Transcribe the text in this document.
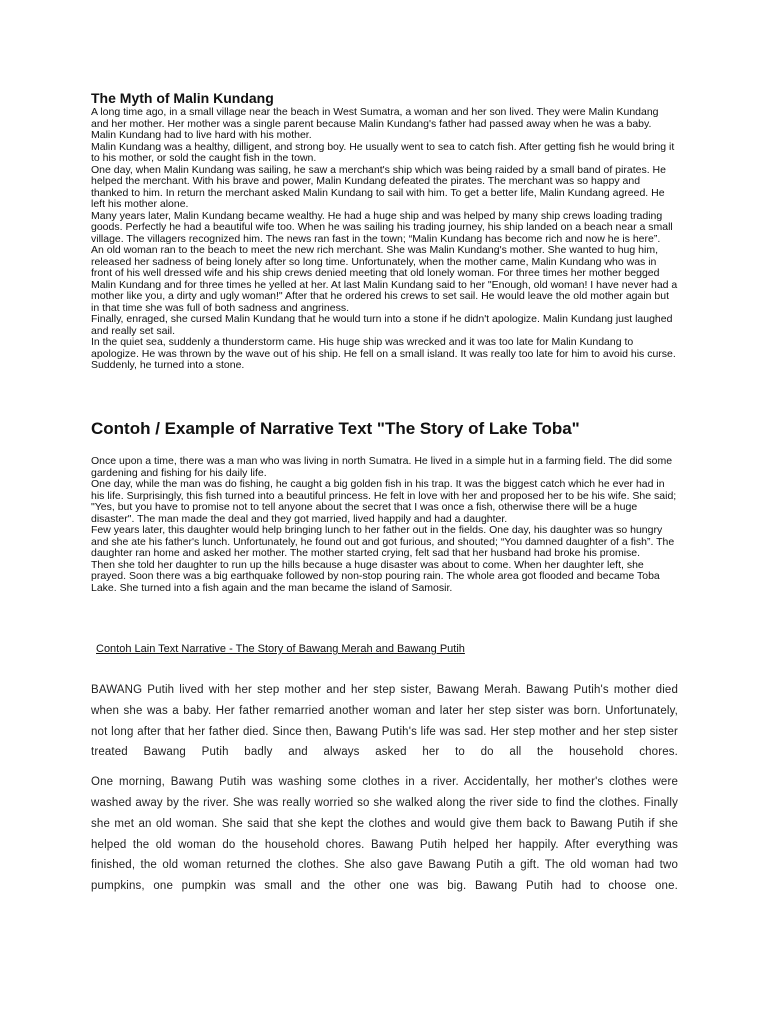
The Myth of Malin Kundang

A long time ago, in a small village near the beach in West Sumatra, a woman and her son lived. They were Malin Kundang and her mother. Her mother was a single parent because Malin Kundang's father had passed away when he was a baby. Malin Kundang had to live hard with his mother.

Malin Kundang was a healthy, dilligent, and strong boy. He usually went to sea to catch fish. After getting fish he would bring it to his mother, or sold the caught fish in the town.

One day, when Malin Kundang was sailing, he saw a merchant's ship which was being raided by a small band of pirates. He helped the merchant. With his brave and power, Malin Kundang defeated the pirates. The merchant was so happy and thanked to him. In return the merchant asked Malin Kundang to sail with him. To get a better life, Malin Kundang agreed. He left his mother alone.

Many years later, Malin Kundang became wealthy. He had a huge ship and was helped by many ship crews loading trading goods. Perfectly he had a beautiful wife too. When he was sailing his trading journey, his ship landed on a beach near a small village. The villagers recognized him. The news ran fast in the town; “Malin Kundang has become rich and now he is here”.

An old woman ran to the beach to meet the new rich merchant. She was Malin Kundang's mother. She wanted to hug him, released her sadness of being lonely after so long time. Unfortunately, when the mother came, Malin Kundang who was in front of his well dressed wife and his ship crews denied meeting that old lonely woman. For three times her mother begged Malin Kundang and for three times he yelled at her. At last Malin Kundang said to her "Enough, old woman! I have never had a mother like you, a dirty and ugly woman!" After that he ordered his crews to set sail. He would leave the old mother again but in that time she was full of both sadness and angriness.

Finally, enraged, she cursed Malin Kundang that he would turn into a stone if he didn't apologize. Malin Kundang just laughed and really set sail.

In the quiet sea, suddenly a thunderstorm came. His huge ship was wrecked and it was too late for Malin Kundang to apologize. He was thrown by the wave out of his ship. He fell on a small island. It was really too late for him to avoid his curse. Suddenly, he turned into a stone.

Contoh / Example of Narrative Text "The Story of Lake Toba"

Once upon a time, there was a man who was living in north Sumatra. He lived in a simple hut in a farming field. The did some gardening and fishing for his daily life.

One day, while the man was do fishing, he caught a big golden fish in his trap. It was the biggest catch which he ever had in his life. Surprisingly, this fish turned into a beautiful princess. He felt in love with her and proposed her to be his wife. She said; "Yes, but you have to promise not to tell anyone about the secret that I was once a fish, otherwise there will be a huge disaster". The man made the deal and they got married, lived happily and had a daughter.

Few years later, this daughter would help bringing lunch to her father out in the fields. One day, his daughter was so hungry and she ate his father's lunch. Unfortunately, he found out and got furious, and shouted; “You damned daughter of a fish”. The daughter ran home and asked her mother. The mother started crying, felt sad that her husband had broke his promise.

Then she told her daughter to run up the hills because a huge disaster was about to come. When her daughter left, she prayed. Soon there was a big earthquake followed by non-stop pouring rain. The whole area got flooded and became Toba Lake. She turned into a fish again and the man became the island of Samosir.

Contoh Lain Text Narrative - The Story of Bawang Merah and Bawang Putih

BAWANG Putih lived with her step mother and her step sister, Bawang Merah. Bawang Putih's mother died when she was a baby. Her father remarried another woman and later her step sister was born. Unfortunately, not long after that her father died. Since then, Bawang Putih's life was sad. Her step mother and her step sister treated Bawang Putih badly and always asked her to do all the household chores.

One morning, Bawang Putih was washing some clothes in a river. Accidentally, her mother's clothes were washed away by the river. She was really worried so she walked along the river side to find the clothes. Finally she met an old woman. She said that she kept the clothes and would give them back to Bawang Putih if she helped the old woman do the household chores. Bawang Putih helped her happily. After everything was finished, the old woman returned the clothes. She also gave Bawang Putih a gift. The old woman had two pumpkins, one pumpkin was small and the other one was big. Bawang Putih had to choose one.
